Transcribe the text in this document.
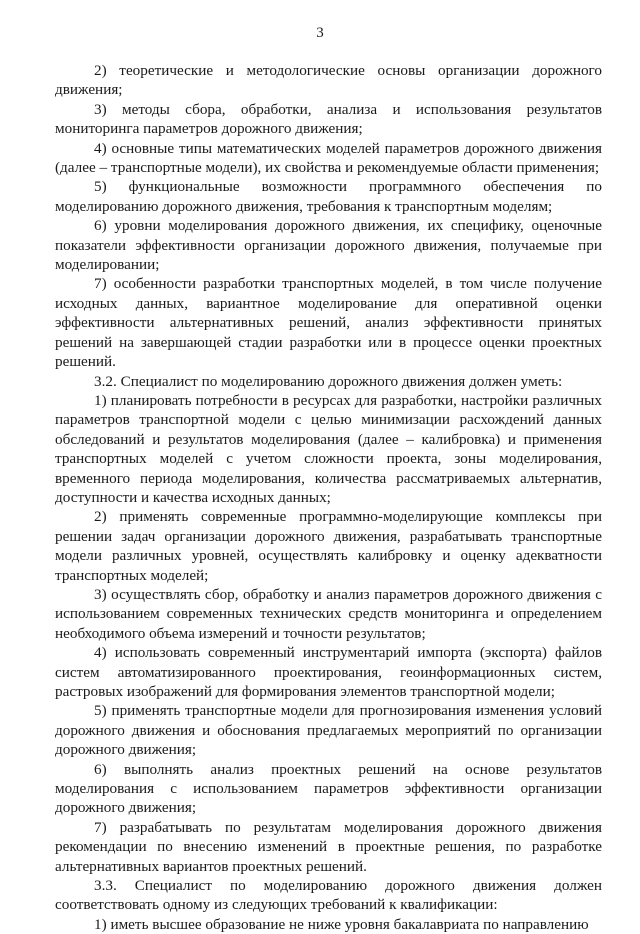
3

2) теоретические и методологические основы организации дорожного движения;

3) методы сбора, обработки, анализа и использования результатов мониторинга параметров дорожного движения;

4) основные типы математических моделей параметров дорожного движения (далее – транспортные модели), их свойства и рекомендуемые области применения;

5) функциональные возможности программного обеспечения по моделированию дорожного движения, требования к транспортным моделям;

6) уровни моделирования дорожного движения, их специфику, оценочные показатели эффективности организации дорожного движения, получаемые при моделировании;

7) особенности разработки транспортных моделей, в том числе получение исходных данных, вариантное моделирование для оперативной оценки эффективности альтернативных решений, анализ эффективности принятых решений на завершающей стадии разработки или в процессе оценки проектных решений.

3.2. Специалист по моделированию дорожного движения должен уметь:

1) планировать потребности в ресурсах для разработки, настройки различных параметров транспортной модели с целью минимизации расхождений данных обследований и результатов моделирования (далее – калибровка) и применения транспортных моделей с учетом сложности проекта, зоны моделирования, временного периода моделирования, количества рассматриваемых альтернатив, доступности и качества исходных данных;

2) применять современные программно-моделирующие комплексы при решении задач организации дорожного движения, разрабатывать транспортные модели различных уровней, осуществлять калибровку и оценку адекватности транспортных моделей;

3) осуществлять сбор, обработку и анализ параметров дорожного движения с использованием современных технических средств мониторинга и определением необходимого объема измерений и точности результатов;

4) использовать современный инструментарий импорта (экспорта) файлов систем автоматизированного проектирования, геоинформационных систем, растровых изображений для формирования элементов транспортной модели;

5) применять транспортные модели для прогнозирования изменения условий дорожного движения и обоснования предлагаемых мероприятий по организации дорожного движения;

6) выполнять анализ проектных решений на основе результатов моделирования с использованием параметров эффективности организации дорожного движения;

7) разрабатывать по результатам моделирования дорожного движения рекомендации по внесению изменений в проектные решения, по разработке альтернативных вариантов проектных решений.

3.3. Специалист по моделированию дорожного движения должен соответствовать одному из следующих требований к квалификации:

1) иметь высшее образование не ниже уровня бакалавриата по направлению
